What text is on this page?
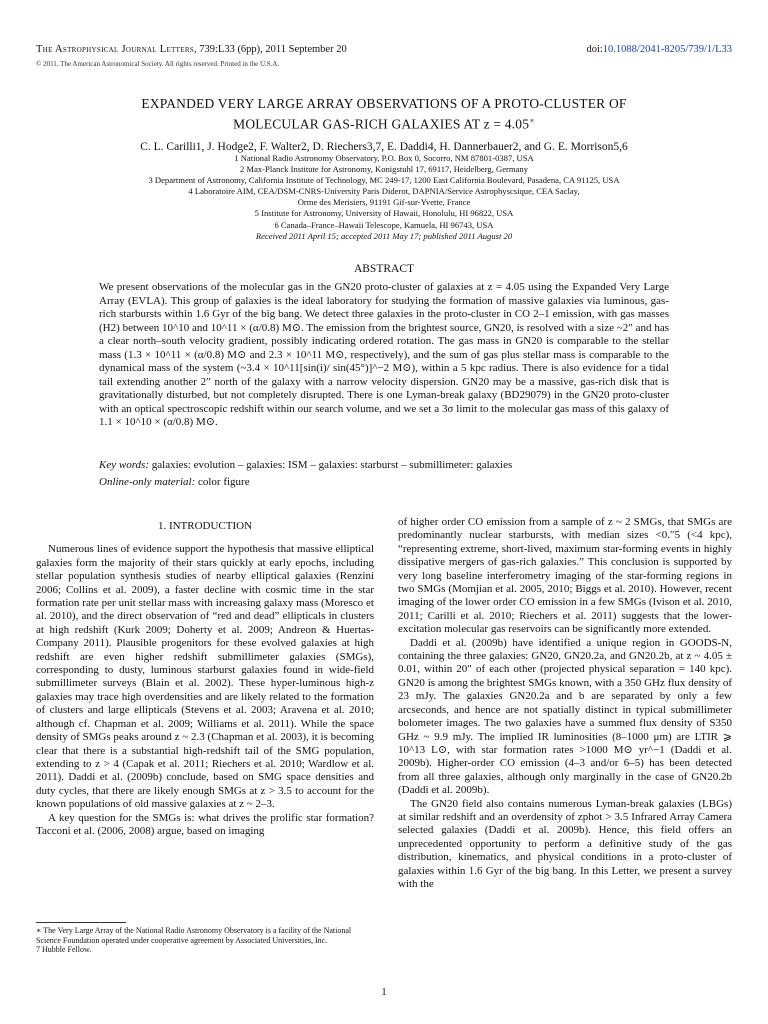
The Astrophysical Journal Letters, 739:L33 (6pp), 2011 September 20	doi:10.1088/2041-8205/739/1/L33
© 2011. The American Astronomical Society. All rights reserved. Printed in the U.S.A.
EXPANDED VERY LARGE ARRAY OBSERVATIONS OF A PROTO-CLUSTER OF
MOLECULAR GAS-RICH GALAXIES AT z = 4.05∗
C. L. Carilli1, J. Hodge2, F. Walter2, D. Riechers3,7, E. Daddi4, H. Dannerbauer2, and G. E. Morrison5,6
1 National Radio Astronomy Observatory, P.O. Box 0, Socorro, NM 87801-0387, USA
2 Max-Planck Institute for Astronomy, Konigstuhl 17, 69117, Heidelberg, Germany
3 Department of Astronomy, California Institute of Technology, MC 249-17, 1200 East California Boulevard, Pasadena, CA 91125, USA
4 Laboratoire AIM, CEA/DSM-CNRS-University Paris Diderot, DAPNIA/Service Astrophyscsique, CEA Saclay,
Orme des Merisiers, 91191 Gif-sur-Yvette, France
5 Institute for Astronomy, University of Hawaii, Honolulu, HI 96822, USA
6 Canada–France–Hawaii Telescope, Kamuela, HI 96743, USA
Received 2011 April 15; accepted 2011 May 17; published 2011 August 20
ABSTRACT
We present observations of the molecular gas in the GN20 proto-cluster of galaxies at z = 4.05 using the Expanded Very Large Array (EVLA). This group of galaxies is the ideal laboratory for studying the formation of massive galaxies via luminous, gas-rich starbursts within 1.6 Gyr of the big bang. We detect three galaxies in the proto-cluster in CO 2–1 emission, with gas masses (H2) between 10^10 and 10^11 × (α/0.8) M⊙. The emission from the brightest source, GN20, is resolved with a size ~2″ and has a clear north–south velocity gradient, possibly indicating ordered rotation. The gas mass in GN20 is comparable to the stellar mass (1.3 × 10^11 × (α/0.8) M⊙ and 2.3 × 10^11 M⊙, respectively), and the sum of gas plus stellar mass is comparable to the dynamical mass of the system (~3.4 × 10^11[sin(i)/ sin(45°)]^−2 M⊙), within a 5 kpc radius. There is also evidence for a tidal tail extending another 2″ north of the galaxy with a narrow velocity dispersion. GN20 may be a massive, gas-rich disk that is gravitationally disturbed, but not completely disrupted. There is one Lyman-break galaxy (BD29079) in the GN20 proto-cluster with an optical spectroscopic redshift within our search volume, and we set a 3σ limit to the molecular gas mass of this galaxy of 1.1 × 10^10 × (α/0.8) M⊙.
Key words: galaxies: evolution – galaxies: ISM – galaxies: starburst – submillimeter: galaxies
Online-only material: color figure
1. INTRODUCTION

Numerous lines of evidence support the hypothesis that massive elliptical galaxies form the majority of their stars quickly at early epochs, including stellar population synthesis studies of nearby elliptical galaxies (Renzini 2006; Collins et al. 2009), a faster decline with cosmic time in the star formation rate per unit stellar mass with increasing galaxy mass (Moresco et al. 2010), and the direct observation of “red and dead” ellipticals in clusters at high redshift (Kurk 2009; Doherty et al. 2009; Andreon & Huertas-Company 2011). Plausible progenitors for these evolved galaxies at high redshift are even higher redshift submillimeter galaxies (SMGs), corresponding to dusty, luminous starburst galaxies found in wide-field submillimeter surveys (Blain et al. 2002). These hyper-luminous high-z galaxies may trace high overdensities and are likely related to the formation of clusters and large ellipticals (Stevens et al. 2003; Aravena et al. 2010; although cf. Chapman et al. 2009; Williams et al. 2011). While the space density of SMGs peaks around z ~ 2.3 (Chapman et al. 2003), it is becoming clear that there is a substantial high-redshift tail of the SMG population, extending to z > 4 (Capak et al. 2011; Riechers et al. 2010; Wardlow et al. 2011). Daddi et al. (2009b) conclude, based on SMG space densities and duty cycles, that there are likely enough SMGs at z > 3.5 to account for the known populations of old massive galaxies at z ~ 2–3.

A key question for the SMGs is: what drives the prolific star formation? Tacconi et al. (2006, 2008) argue, based on imaging

of higher order CO emission from a sample of z ~ 2 SMGs, that SMGs are predominantly nuclear starbursts, with median sizes <0.″5 (<4 kpc), “representing extreme, short-lived, maximum star-forming events in highly dissipative mergers of gas-rich galaxies.” This conclusion is supported by very long baseline interferometry imaging of the star-forming regions in two SMGs (Momjian et al. 2005, 2010; Biggs et al. 2010). However, recent imaging of the lower order CO emission in a few SMGs (Ivison et al. 2010, 2011; Carilli et al. 2010; Riechers et al. 2011) suggests that the lower-excitation molecular gas reservoirs can be significantly more extended.

Daddi et al. (2009b) have identified a unique region in GOODS-N, containing the three galaxies: GN20, GN20.2a, and GN20.2b, at z ~ 4.05 ± 0.01, within 20″ of each other (projected physical separation = 140 kpc). GN20 is among the brightest SMGs known, with a 350 GHz flux density of 23 mJy. The galaxies GN20.2a and b are separated by only a few arcseconds, and hence are not spatially distinct in typical submillimeter bolometer images. The two galaxies have a summed flux density of S350 GHz ~ 9.9 mJy. The implied IR luminosities (8–1000 μm) are LTIR ⩾ 10^13 L⊙, with star formation rates >1000 M⊙ yr^−1 (Daddi et al. 2009b). Higher-order CO emission (4–3 and/or 6–5) has been detected from all three galaxies, although only marginally in the case of GN20.2b (Daddi et al. 2009b).

The GN20 field also contains numerous Lyman-break galaxies (LBGs) at similar redshift and an overdensity of zphot > 3.5 Infrared Array Camera selected galaxies (Daddi et al. 2009b). Hence, this field offers an unprecedented opportunity to perform a definitive study of the gas distribution, kinematics, and physical conditions in a proto-cluster of galaxies within 1.6 Gyr of the big bang. In this Letter, we present a survey with the

∗ The Very Large Array of the National Radio Astronomy Observatory is a facility of the National Science Foundation operated under cooperative agreement by Associated Universities, Inc.
7 Hubble Fellow.
1
